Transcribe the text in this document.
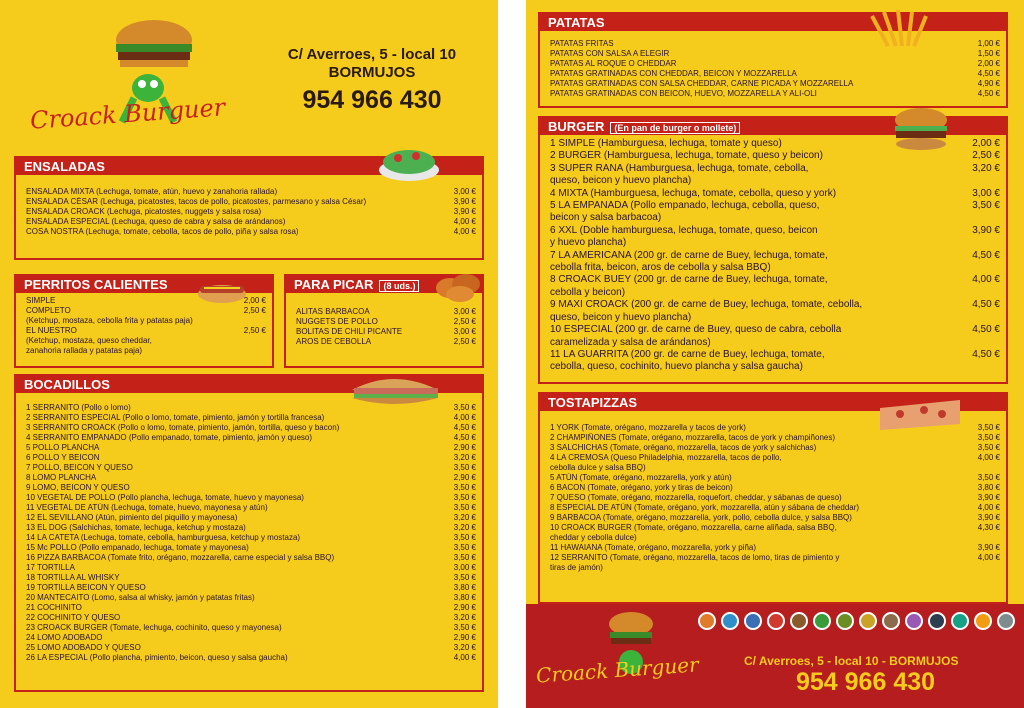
Croack Burguer
C/ Averroes, 5 - local 10
BORMUJOS
954 966 430
ENSALADAS
ENSALADA MIXTA (Lechuga, tomate, atún, huevo y zanahoria rallada)	3,00 €
ENSALADA CÉSAR (Lechuga, picatostes, tacos de pollo, picatostes, parmesano y salsa César)	3,90 €
ENSALADA CROACK (Lechuga, picatostes, nuggets y salsa rosa)	3,90 €
ENSALADA ESPECIAL (Lechuga, queso de cabra y salsa de arándanos)	4,00 €
COSA NOSTRA (Lechuga, tomate, cebolla, tacos de pollo, piña y salsa rosa)	4,00 €
PERRITOS CALIENTES
SIMPLE	2,00 €
COMPLETO	2,50 €
(Ketchup, mostaza, cebolla frita y patatas paja)
EL NUESTRO	2,50 €
(Ketchup, mostaza, queso cheddar,
zanahoria rallada y patatas paja)
PARA PICAR (8 uds.)
ALITAS BARBACOA	3,00 €
NUGGETS DE POLLO	2,50 €
BOLITAS DE CHILI PICANTE	3,00 €
AROS DE CEBOLLA	2,50 €
BOCADILLOS
1 SERRANITO (Pollo o lomo)	3,50 €
2 SERRANITO ESPECIAL (Pollo o lomo, tomate, pimiento, jamón y tortilla francesa)	4,00 €
3 SERRANITO CROACK (Pollo o lomo, tomate, pimiento, jamón, tortilla, queso y bacon)	4,50 €
4 SERRANITO EMPANADO (Pollo empanado, tomate, pimiento, jamón y queso)	4,50 €
5 POLLO PLANCHA	2,90 €
6 POLLO Y BEICON	3,20 €
7 POLLO, BEICON Y QUESO	3,50 €
8 LOMO PLANCHA	2,90 €
9 LOMO, BEICON Y QUESO	3,50 €
10 VEGETAL DE POLLO (Pollo plancha, lechuga, tomate, huevo y mayonesa)	3,50 €
11 VEGETAL DE ATÚN (Lechuga, tomate, huevo, mayonesa y atún)	3,50 €
12 EL SEVILLANO (Atún, pimiento del piquillo y mayonesa)	3,20 €
13 EL DOG (Salchichas, tomate, lechuga, ketchup y mostaza)	3,20 €
14 LA CATETA (Lechuga, tomate, cebolla, hamburguesa, ketchup y mostaza)	3,50 €
15 Mc POLLO (Pollo empanado, lechuga, tomate y mayonesa)	3,50 €
16 PIZZA BARBACOA (Tomate frito, orégano, mozzarella, carne especial y salsa BBQ)	3,50 €
17 TORTILLA	3,00 €
18 TORTILLA AL WHISKY	3,50 €
19 TORTILLA BEICON Y QUESO	3,80 €
20 MANTECAITO (Lomo, salsa al whisky, jamón y patatas fritas)	3,80 €
21 COCHINITO	2,90 €
22 COCHINITO Y QUESO	3,20 €
23 CROACK BURGER (Tomate, lechuga, cochinito, queso y mayonesa)	3,50 €
24 LOMO ADOBADO	2,90 €
25 LOMO ADOBADO Y QUESO	3,20 €
26 LA ESPECIAL (Pollo plancha, pimiento, beicon, queso y salsa gaucha)	4,00 €
PATATAS
PATATAS FRITAS	1,00 €
PATATAS CON SALSA A ELEGIR	1,50 €
PATATAS AL ROQUE O CHEDDAR	2,00 €
PATATAS GRATINADAS CON CHEDDAR, BEICON Y MOZZARELLA	4,50 €
PATATAS GRATINADAS CON SALSA CHEDDAR, CARNE PICADA Y MOZZARELLA	4,90 €
PATATAS GRATINADAS CON BEICON, HUEVO, MOZZARELLA Y ALI-OLI	4,50 €
BURGER (En pan de burger o mollete)
1 SIMPLE (Hamburguesa, lechuga, tomate y queso)	2,00 €
2 BURGER (Hamburguesa, lechuga, tomate, queso y beicon)	2,50 €
3 SUPER RANA (Hamburguesa, lechuga, tomate, cebolla,	3,20 €
queso, beicon y huevo plancha)
4 MIXTA (Hamburguesa, lechuga, tomate, cebolla, queso y york)	3,00 €
5 LA EMPANADA (Pollo empanado, lechuga, cebolla, queso,	3,50 €
beicon y salsa barbacoa)
6 XXL (Doble hamburguesa, lechuga, tomate, queso, beicon	3,90 €
y huevo plancha)
7 LA AMERICANA (200 gr. de carne de Buey, lechuga, tomate,	4,50 €
cebolla frita, beicon, aros de cebolla y salsa BBQ)
8 CROACK BUEY (200 gr. de carne de Buey, lechuga, tomate,	4,00 €
cebolla y beicon)
9 MAXI CROACK (200 gr. de carne de Buey, lechuga, tomate, cebolla,	4,50 €
queso, beicon y huevo plancha)
10 ESPECIAL (200 gr. de carne de Buey, queso de cabra, cebolla	4,50 €
caramelizada y salsa de arándanos)
11 LA GUARRITA (200 gr. de carne de Buey, lechuga, tomate,	4,50 €
cebolla, queso, cochinito, huevo plancha y salsa gaucha)
TOSTAPIZZAS
1 YORK (Tomate, orégano, mozzarella y tacos de york)	3,50 €
2 CHAMPIÑONES (Tomate, orégano, mozzarella, tacos de york y champiñones)	3,50 €
3 SALCHICHAS (Tomate, orégano, mozzarella, tacos de york y salchichas)	3,50 €
4 LA CREMOSA (Queso Philadelphia, mozzarella, tacos de pollo,	4,00 €
cebolla dulce y salsa BBQ)
5 ATÚN (Tomate, orégano, mozzarella, york y atún)	3,50 €
6 BACON (Tomate, orégano, york y tiras de beicon)	3,80 €
7 QUESO (Tomate, orégano, mozzarella, roquefort, cheddar, y sábanas de queso)	3,90 €
8 ESPECIAL DE ATÚN (Tomate, orégano, york, mozzarella, atún y sábana de cheddar)	4,00 €
9 BARBACOA (Tomate, orégano, mozzarella, york, pollo, cebolla dulce, y salsa BBQ)	3,90 €
10 CROACK BURGER (Tomate, orégano, mozzarella, carne aliñada, salsa BBQ,	4,30 €
cheddar y cebolla dulce)
11 HAWAIANA (Tomate, orégano, mozzarella, york y piña)	3,90 €
12 SERRANITO (Tomate, orégano, mozzarella, tacos de lomo, tiras de pimiento y	4,00 €
tiras de jamón)
Croack Burguer	C/ Averroes, 5 - local 10 - BORMUJOS
954 966 430
